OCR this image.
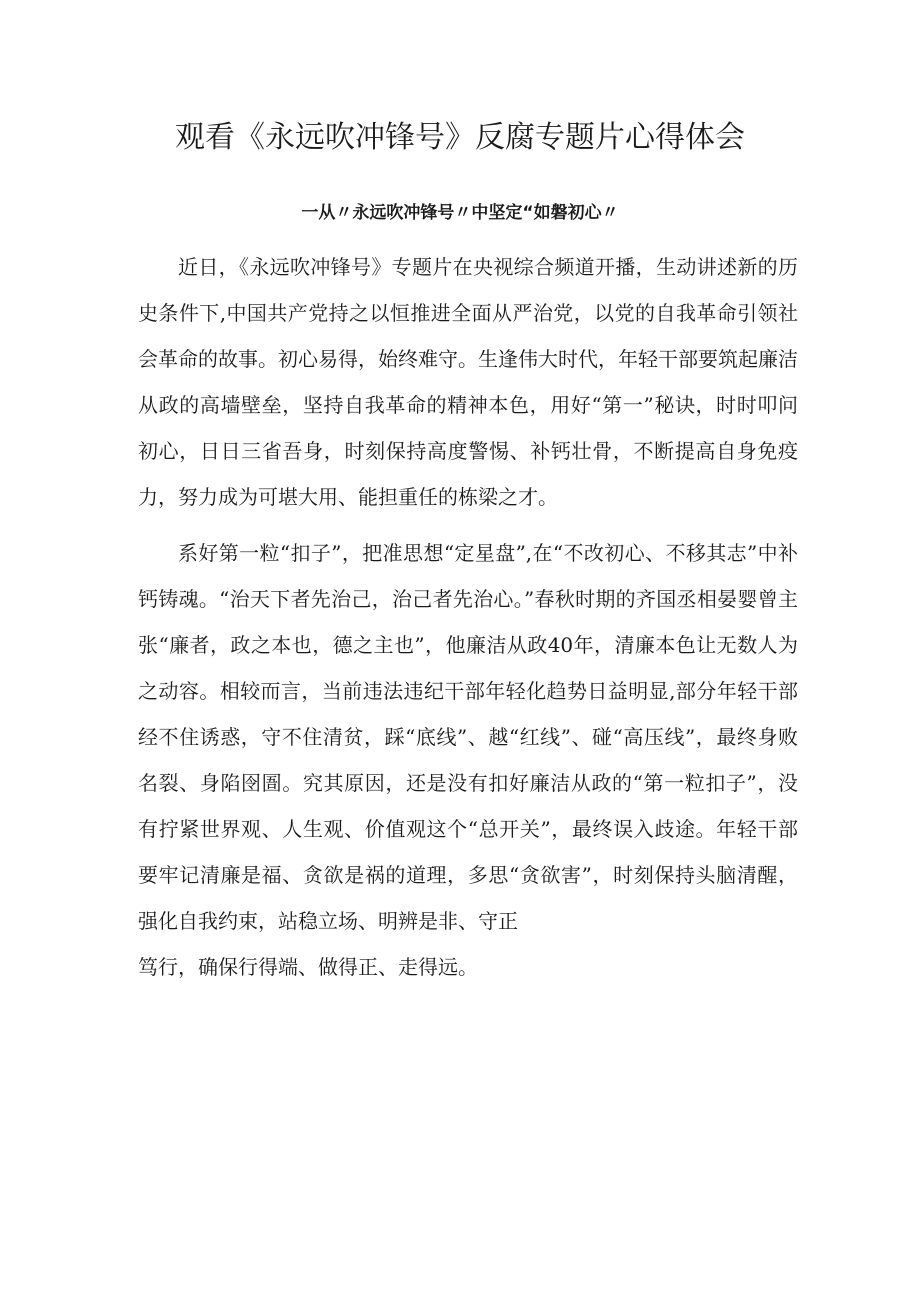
观看《永远吹冲锋号》反腐专题片心得体会
一从〃永远吹冲锋号〃中坚定“如磐初心〃

近日，《永远吹冲锋号》专题片在央视综合频道开播，生动讲述新的历史条件下,中国共产党持之以恒推进全面从严治党，以党的自我革命引领社会革命的故事。初心易得，始终难守。生逢伟大时代，年轻干部要筑起廉洁从政的高墙壁垒，坚持自我革命的精神本色，用好“第一”秘诀，时时叩问初心，日日三省吾身，时刻保持高度警惕、补钙壮骨，不断提高自身免疫力，努力成为可堪大用、能担重任的栋梁之才。

系好第一粒“扣子”，把准思想“定星盘”,在“不改初心、不移其志”中补钙铸魂。“治天下者先治己，治己者先治心。”春秋时期的齐国丞相晏婴曾主张“廉者，政之本也，德之主也”，他廉洁从政40年，清廉本色让无数人为之动容。相较而言，当前违法违纪干部年轻化趋势日益明显,部分年轻干部经不住诱惑，守不住清贫，踩“底线”、越“红线”、碰“高压线”，最终身败名裂、身陷囹圄。究其原因，还是没有扣好廉洁从政的“第一粒扣子”，没有拧紧世界观、人生观、价值观这个“总开关”，最终误入歧途。年轻干部要牢记清廉是福、贪欲是祸的道理，多思“贪欲害”，时刻保持头脑清醒，强化自我约束，站稳立场、明辨是非、守正

笃行，确保行得端、做得正、走得远。
